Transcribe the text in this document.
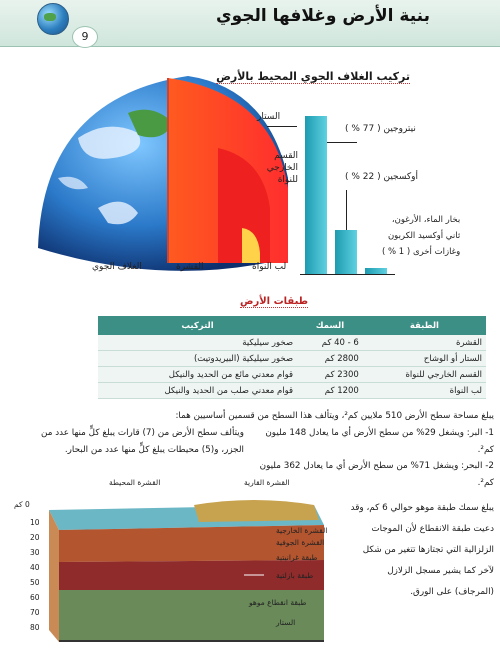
9
بنية الأرض وغلافها الجوي
تركيب الغلاف الجوي المحيط بالأرض
الستار
القسم الخارجي للنواة
الغلاف الجوي	القشرة	لب النواة
نيتروجين ( 77 % )
أوكسجين ( 22 % )
بخار الماء، الأرغون،
ثاني أوكسيد الكربون
وغازات أخرى ( 1 % )
طبقات الأرض
الطبقة	السمك	التركيب
القشرة	6 - 40 كم	صخور سيليكية
الستار أو الوشاح	2800 كم	صخور سيليكية (البيريدوتيت)
القسم الخارجي للنواة	2300 كم	قوام معدني مائع من الحديد والنيكل
لب النواة	1200 كم	قوام معدني صلب من الحديد والنيكل
يبلغ مساحة سطح الأرض 510 ملايين كم²، ويتألف هذا السطح من قسمين أساسيين هما:
1- البر: ويشغل 29% من سطح الأرض أي ما يعادل 148 مليون كم².
2- البحر: ويشغل 71% من سطح الأرض أي ما يعادل 362 مليون كم².
ويتألف سطح الأرض من (7) قارات يبلغ كلٍّ منها عدد من الجزر، و(5) محيطات يبلغ كلٍّ منها عدد من البحار.
يبلغ سمك طبقة موهو حوالي 6 كم، وقد دعيت طبقة الانقطاع لأن الموجات الزلزالية التي تجتازها تتغير من شكل لآخر كما يشير مسجل الزلازل (المرجاف) على الورق.
القشرة المحيطة	القشرة القارية
0 كم
10
20
30
40
50
60
70
80
القشرة الخارجية
القشرة الجوفية
طبقة غرانيتية
طبقة بازلتية
طبقة انقطاع موهو
الستار
